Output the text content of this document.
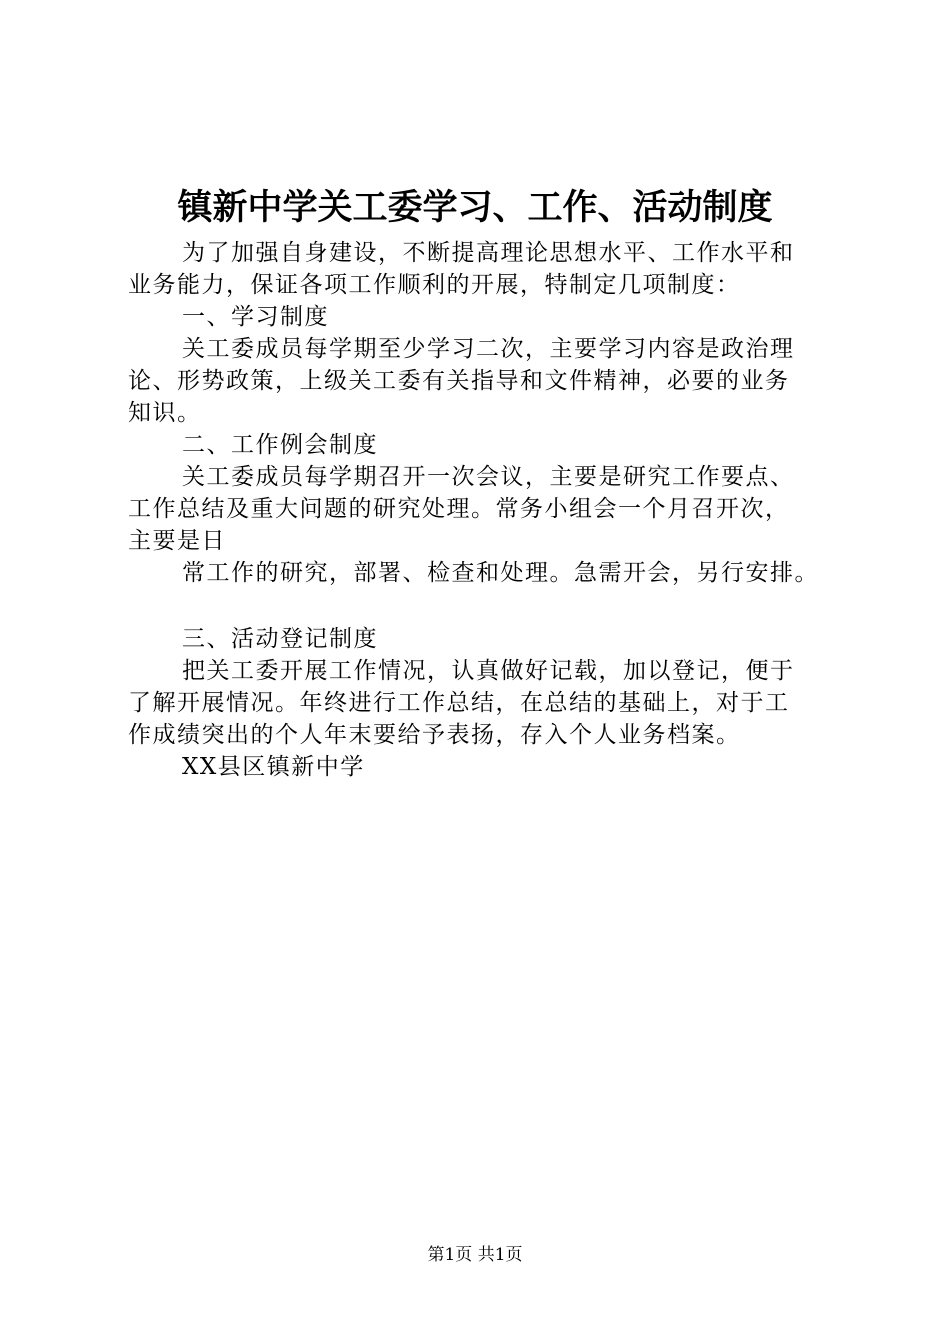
镇新中学关工委学习、工作、活动制度
为了加强自身建设，不断提高理论思想水平、工作水平和
业务能力，保证各项工作顺利的开展，特制定几项制度：
一、学习制度
关工委成员每学期至少学习二次，主要学习内容是政治理
论、形势政策，上级关工委有关指导和文件精神，必要的业务
知识。
二、工作例会制度
关工委成员每学期召开一次会议，主要是研究工作要点、
工作总结及重大问题的研究处理。常务小组会一个月召开次，
主要是日
常工作的研究，部署、检查和处理。急需开会，另行安排。
三、活动登记制度
把关工委开展工作情况，认真做好记载，加以登记，便于
了解开展情况。年终进行工作总结，在总结的基础上，对于工
作成绩突出的个人年末要给予表扬，存入个人业务档案。
XX县区镇新中学
第1页 共1页
